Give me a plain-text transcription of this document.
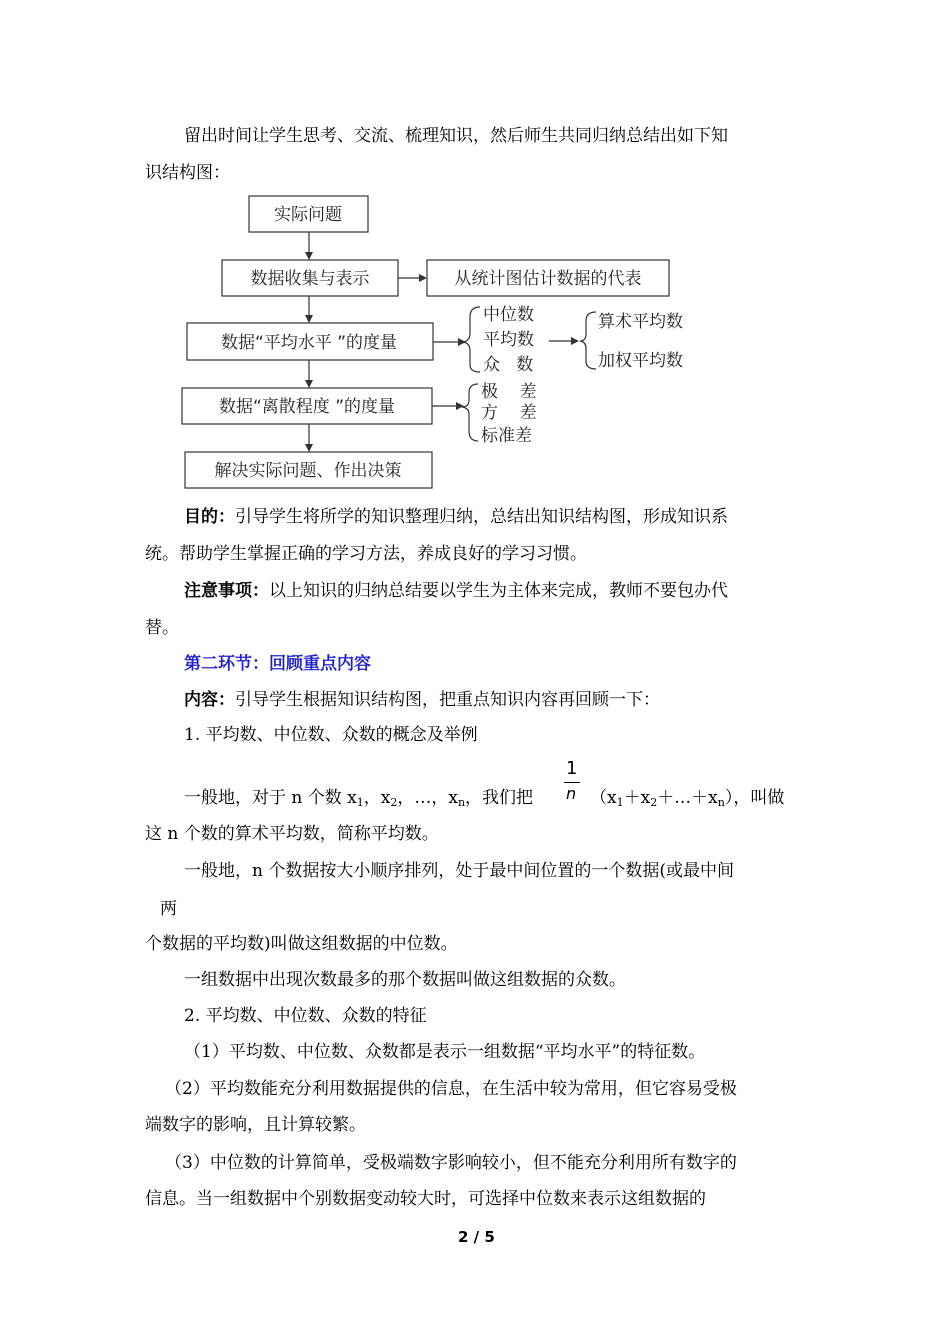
留出时间让学生思考、交流、梳理知识，然后师生共同归纳总结出如下知
识结构图：
实际问题
数据收集与表示	从统计图估计数据的代表
数据“平均水平 ”的度量
数据“离散程度 ”的度量
解决实际问题、作出决策
中位数
平均数
众   数
算术平均数
加权平均数
极    差
方    差
标准差
目的：引导学生将所学的知识整理归纳，总结出知识结构图，形成知识系
统。帮助学生掌握正确的学习方法，养成良好的学习习惯。
注意事项：以上知识的归纳总结要以学生为主体来完成，教师不要包办代
替。
第二环节：回顾重点内容
内容：引导学生根据知识结构图，把重点知识内容再回顾一下：
1. 平均数、中位数、众数的概念及举例
1
n
一般地，对于 n 个数 $x_1$，$x_2$，…，$x_n$，我们把	$(x_1+x_2+\dots+x_n)$，叫做
这 n 个数的算术平均数，简称平均数。
一般地，n 个数据按大小顺序排列，处于最中间位置的一个数据(或最中间
两
个数据的平均数)叫做这组数据的中位数。
一组数据中出现次数最多的那个数据叫做这组数据的众数。
2. 平均数、中位数、众数的特征
（1）平均数、中位数、众数都是表示一组数据“平均水平”的特征数。
（2）平均数能充分利用数据提供的信息，在生活中较为常用，但它容易受极
端数字的影响，且计算较繁。
（3）中位数的计算简单，受极端数字影响较小，但不能充分利用所有数字的
信息。当一组数据中个别数据变动较大时，可选择中位数来表示这组数据的
2 / 5
